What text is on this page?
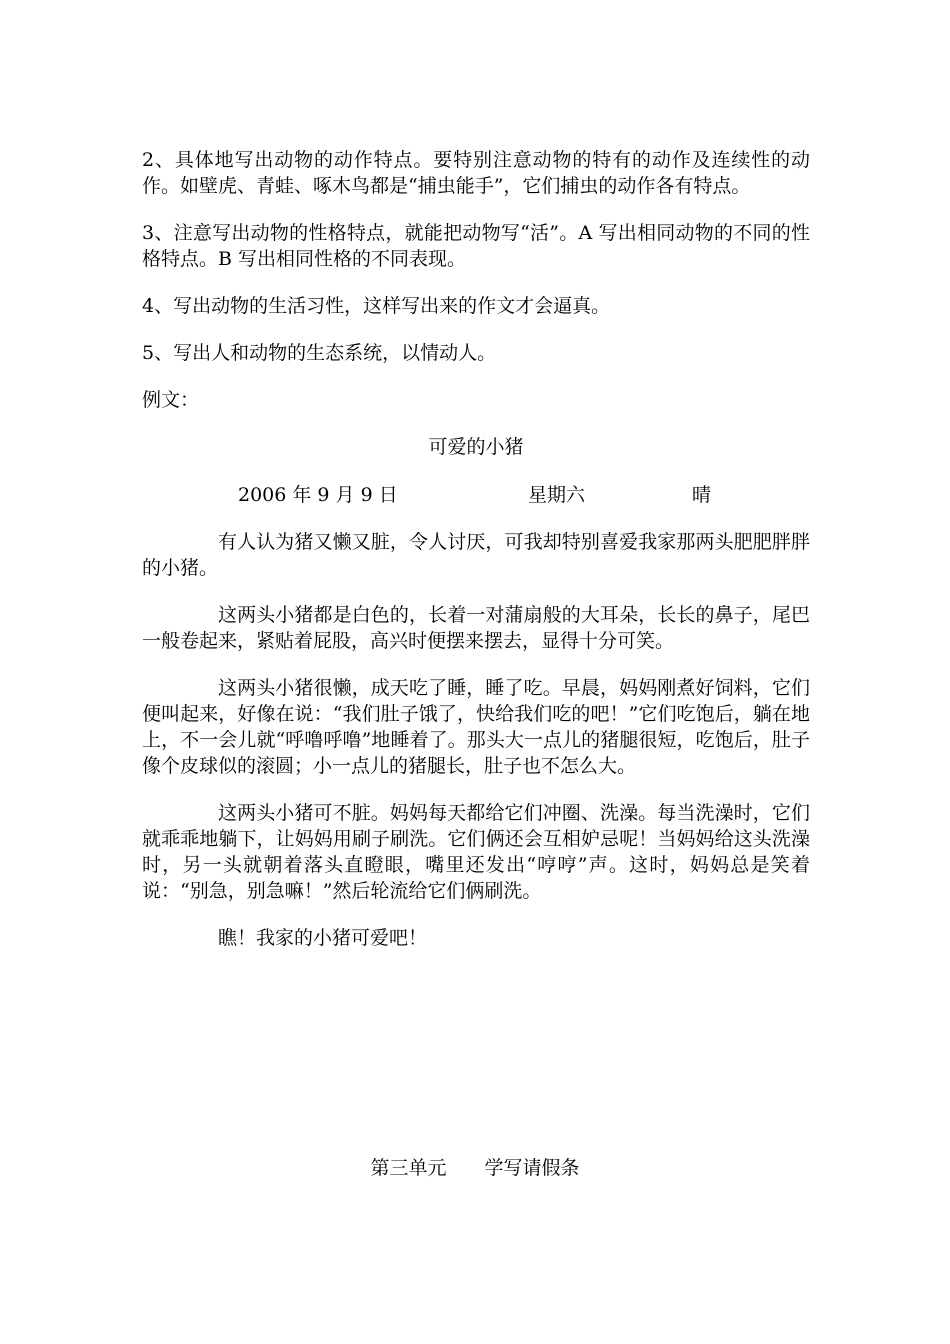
2、具体地写出动物的动作特点。要特别注意动物的特有的动作及连续性的动作。如壁虎、青蛙、啄木鸟都是“捕虫能手”，它们捕虫的动作各有特点。

3、注意写出动物的性格特点，就能把动物写“活”。A 写出相同动物的不同的性格特点。B 写出相同性格的不同表现。

4、写出动物的生活习性，这样写出来的作文才会逼真。

5、写出人和动物的生态系统，以情动人。

例文：

可爱的小猪

2006 年 9 月 9 日	星期六	晴

有人认为猪又懒又脏，令人讨厌，可我却特别喜爱我家那两头肥肥胖胖的小猪。

这两头小猪都是白色的，长着一对蒲扇般的大耳朵，长长的鼻子，尾巴一般卷起来，紧贴着屁股，高兴时便摆来摆去，显得十分可笑。

这两头小猪很懒，成天吃了睡，睡了吃。早晨，妈妈刚煮好饲料，它们便叫起来，好像在说：“我们肚子饿了，快给我们吃的吧！”它们吃饱后，躺在地上，不一会儿就“呼噜呼噜”地睡着了。那头大一点儿的猪腿很短，吃饱后，肚子像个皮球似的滚圆；小一点儿的猪腿长，肚子也不怎么大。

这两头小猪可不脏。妈妈每天都给它们冲圈、洗澡。每当洗澡时，它们就乖乖地躺下，让妈妈用刷子刷洗。它们俩还会互相妒忌呢！当妈妈给这头洗澡时，另一头就朝着落头直瞪眼，嘴里还发出“哼哼”声。这时，妈妈总是笑着说：“别急，别急嘛！”然后轮流给它们俩刷洗。

瞧！我家的小猪可爱吧！

第三单元　　学写请假条
